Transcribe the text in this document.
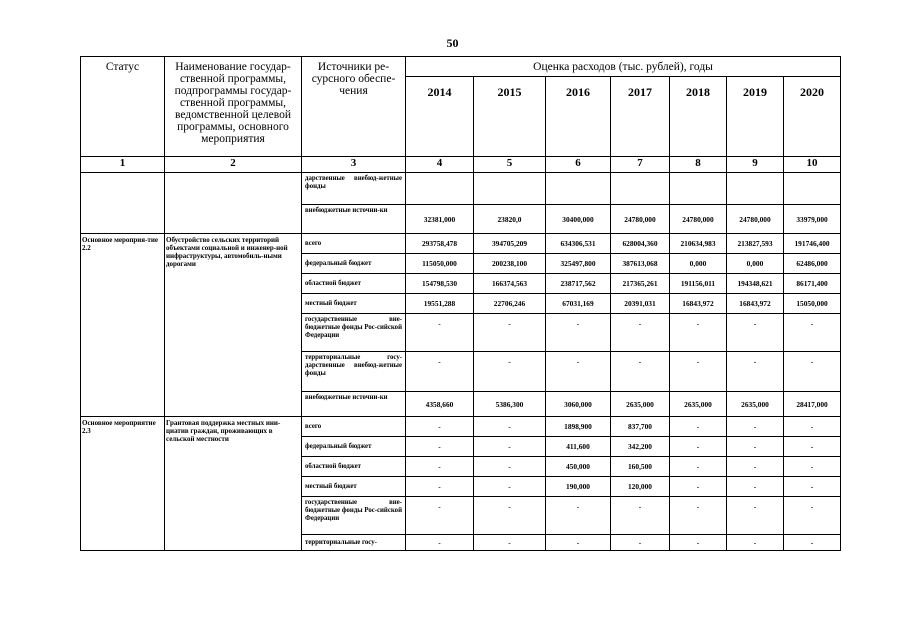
50
Статус	Наименование государ-ственной программы, подпрограммы государ-ственной программы, ведомственной целевой программы, основного мероприятия	Источники ре-сурсного обеспе-чения	Оценка расходов (тыс. рублей), годы						
			2014	2015	2016	2017	2018	2019	2020
1	2	3	4	5	6	7	8	9	10
		дарственные внебюд-жетные фонды							
		внебюджетные источни-ки	32381,000	23820,0	30400,000	24780,000	24780,000	24780,000	33979,000
Основное мероприя-тие 2.2	Обустройство сельских территорий объектами социальной и инженер-ной инфраструктуры, автомобиль-ными дорогами	всего	293758,478	394705,209	634306,531	628004,360	210634,983	213827,593	191746,400
		федеральный бюджет	115050,000	200238,100	325497,800	387613,068	0,000	0,000	62486,000
		областной бюджет	154798,530	166374,563	238717,562	217365,261	191156,011	194348,621	86171,400
		местный бюджет	19551,288	22706,246	67031,169	20391,031	16843,972	16843,972	15050,000
		государственные вне-бюджетные фонды Рос-сийской Федерации	-	-	-	-	-	-	-
		территориальные госу-дарственные внебюд-жетные фонды	-	-	-	-	-	-	-
		внебюджетные источни-ки	4358,660	5386,300	3060,000	2635,000	2635,000	2635,000	28417,000
Основное мероприятие 2.3	Грантовая поддержка местных ини-циатив граждан, проживающих в сельской местности	всего	-	-	1898,900	837,700	-	-	-
		федеральный бюджет	-	-	411,600	342,200	-	-	-
		областной бюджет	-	-	450,000	160,500	-	-	-
		местный бюджет	-	-	190,000	120,000	-	-	-
		государственные вне-бюджетные фонды Рос-сийской Федерации	-	-	-	-	-	-	-
		территориальные госу-	-	-	-	-	-	-	-
